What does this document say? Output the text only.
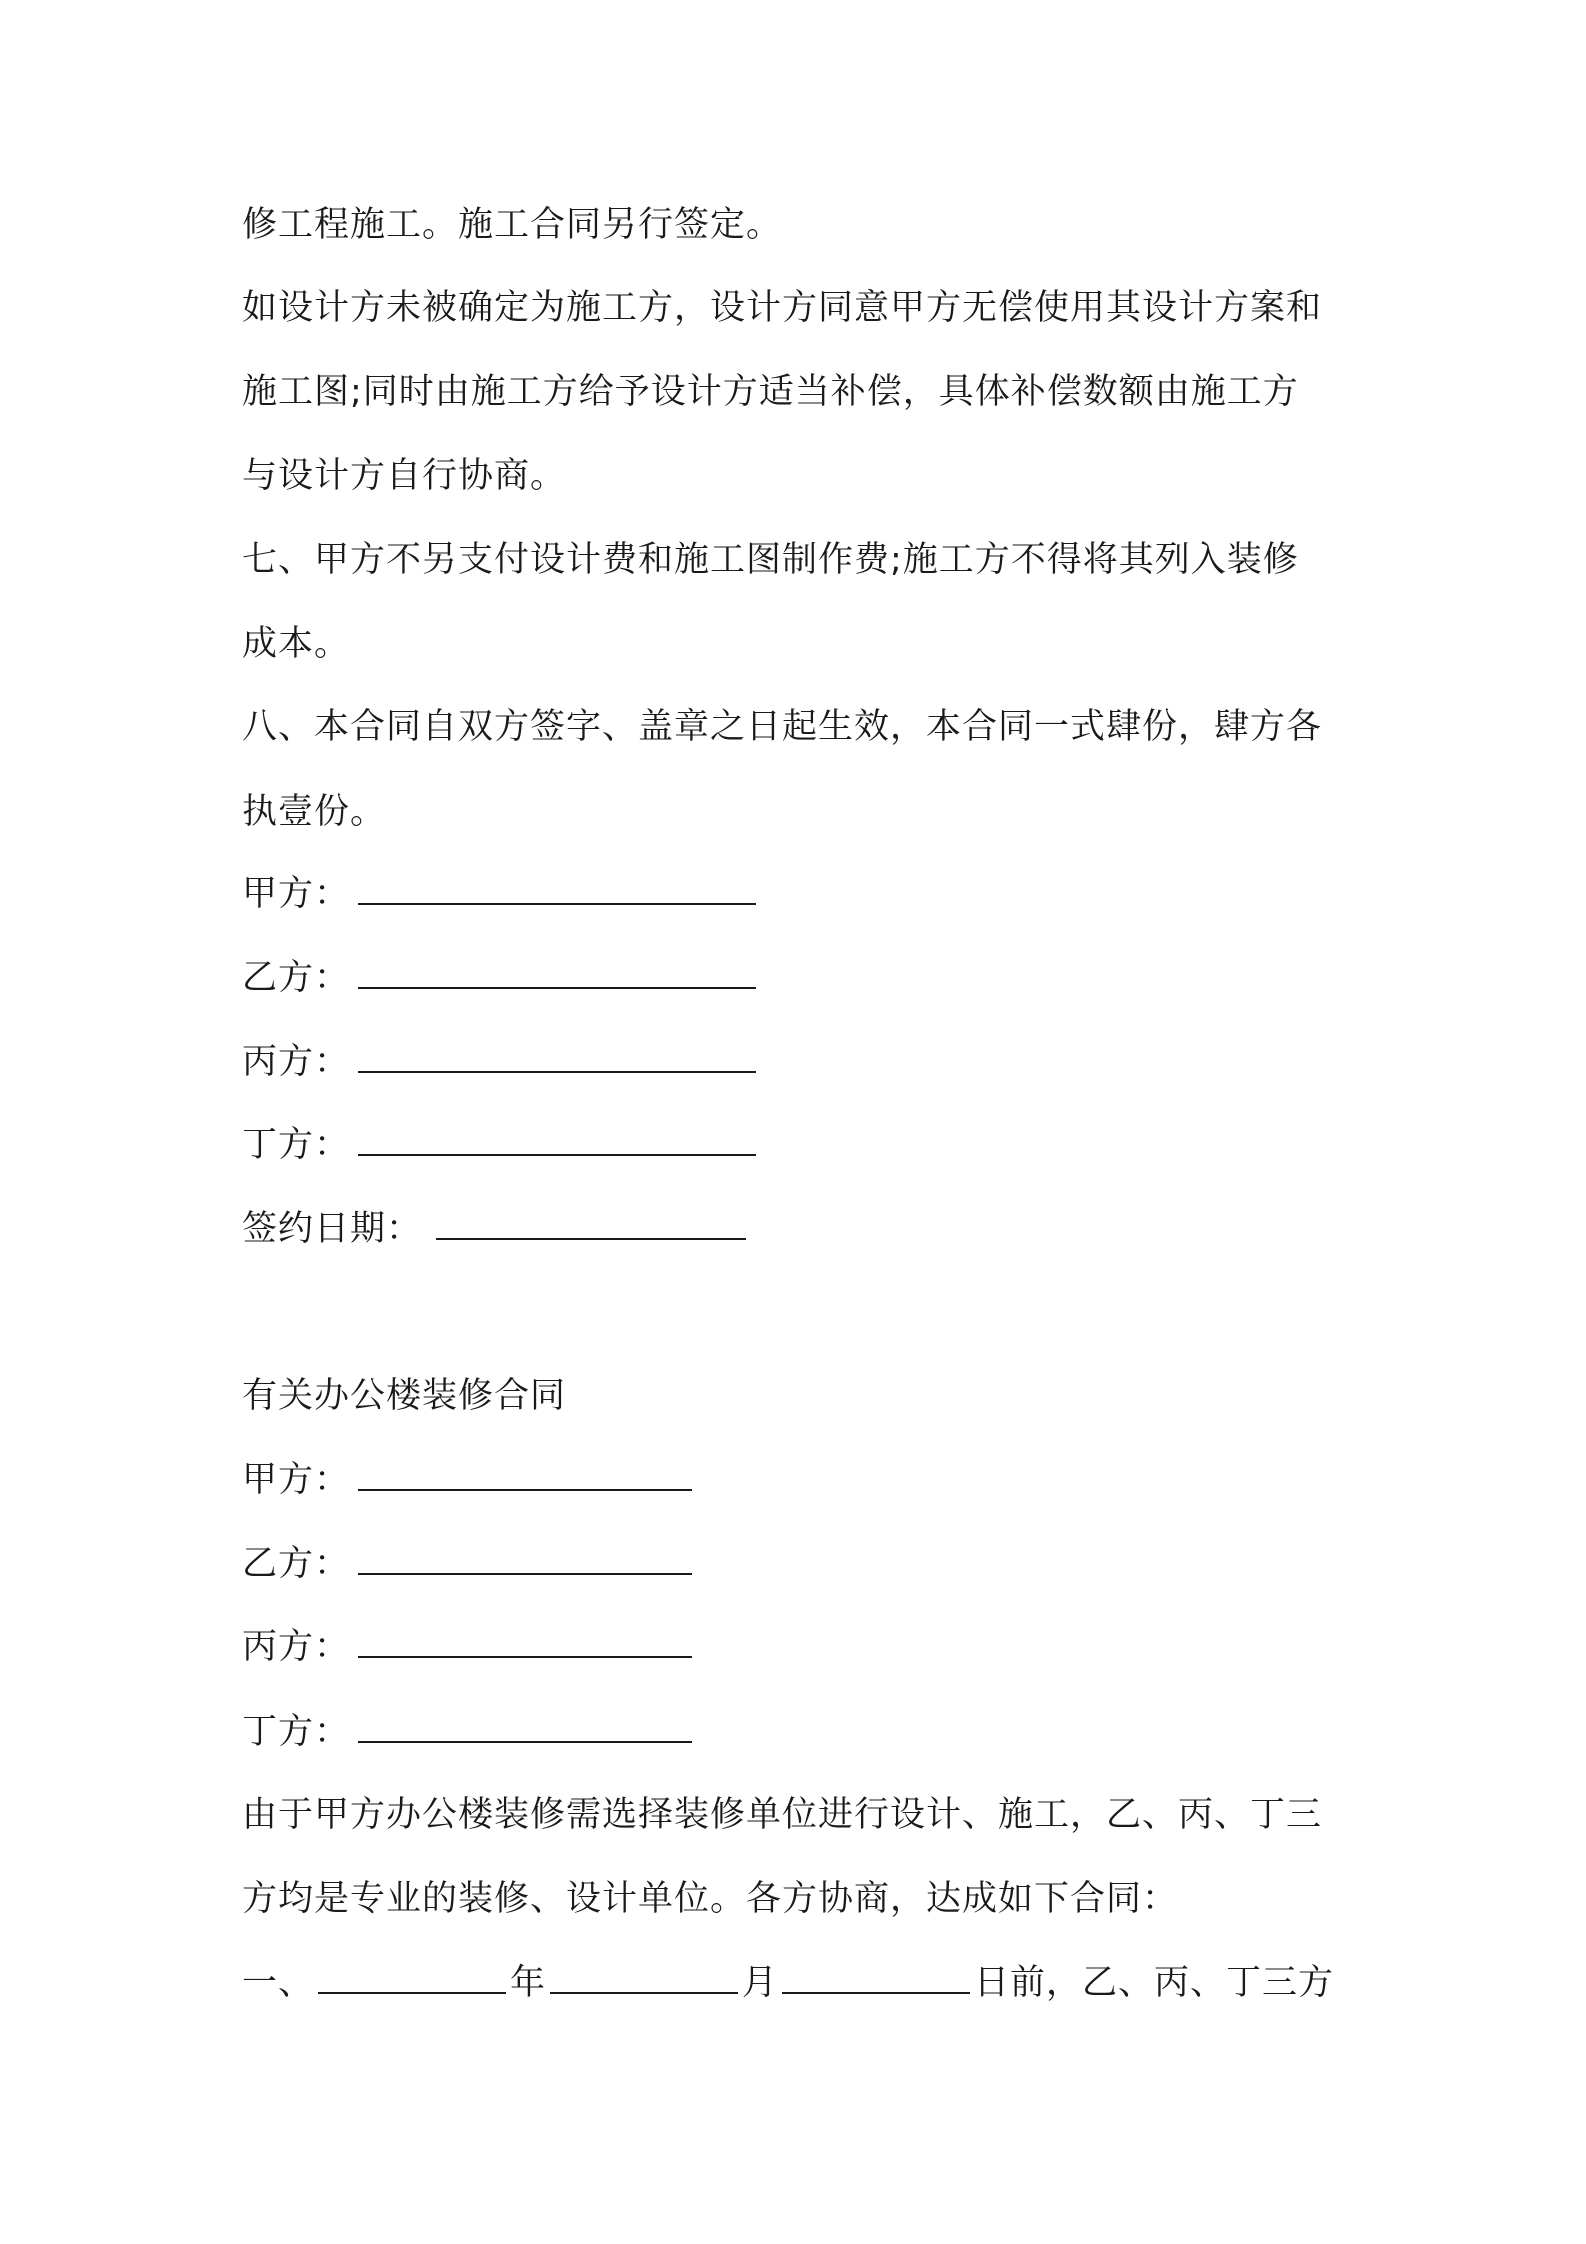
修工程施工。施工合同另行签定。
如设计方未被确定为施工方，设计方同意甲方无偿使用其设计方案和
施工图;同时由施工方给予设计方适当补偿，具体补偿数额由施工方
与设计方自行协商。
七、甲方不另支付设计费和施工图制作费;施工方不得将其列入装修
成本。
八、本合同自双方签字、盖章之日起生效，本合同一式肆份，肆方各
执壹份。
甲方：
乙方：
丙方：
丁方：
签约日期：
有关办公楼装修合同
甲方：
乙方：
丙方：
丁方：
由于甲方办公楼装修需选择装修单位进行设计、施工，乙、丙、丁三
方均是专业的装修、设计单位。各方协商，达成如下合同：
一、	年	月	日前，乙、丙、丁三方
